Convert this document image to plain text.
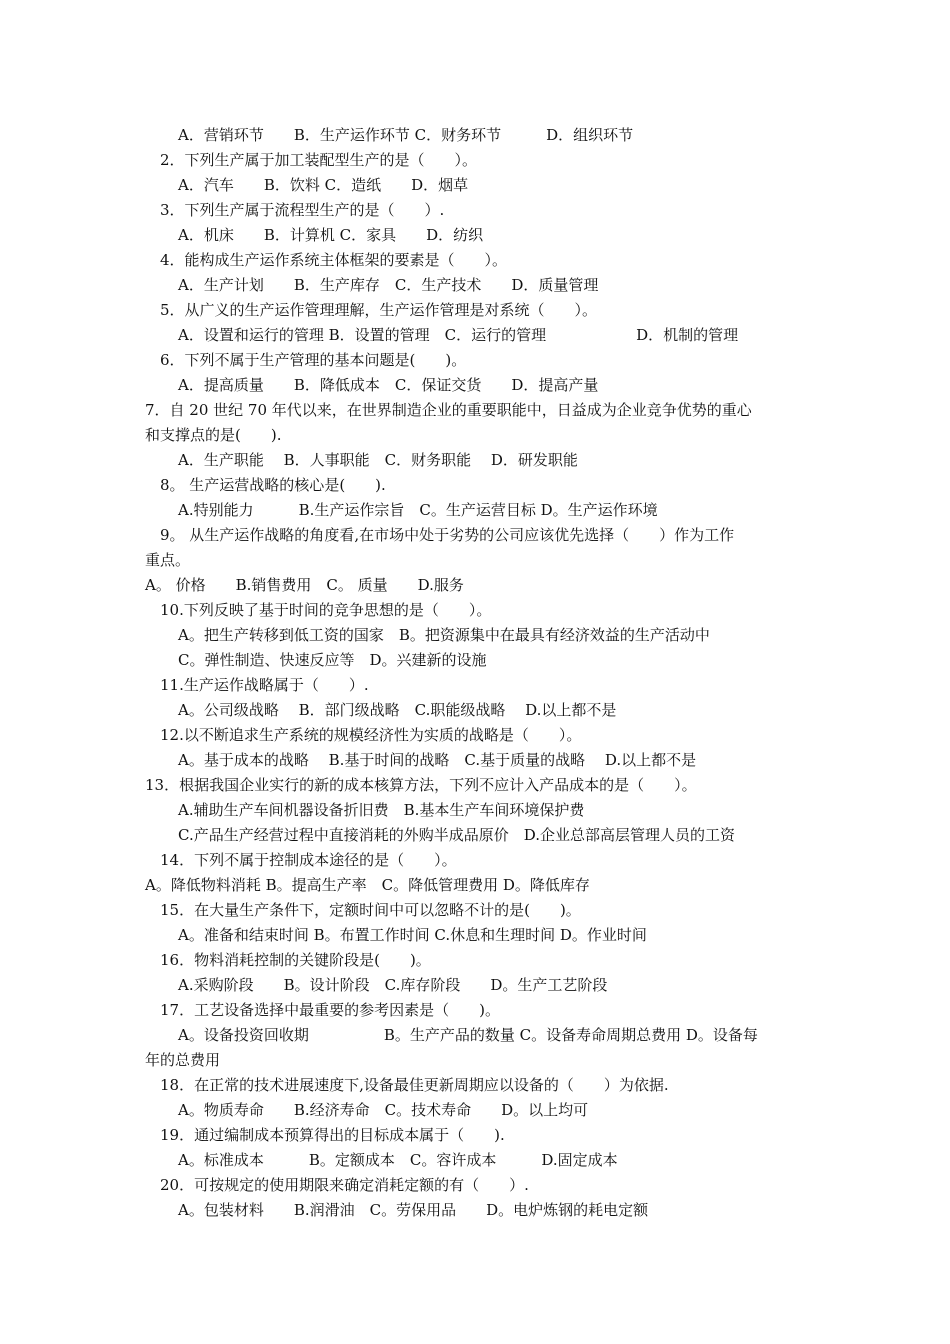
A．营销环节　　B．生产运作环节 C．财务环节　　　D．组织环节
2．下列生产属于加工装配型生产的是（　　）。
A．汽车　　B．饮料 C．造纸　　D．烟草
3．下列生产属于流程型生产的是（　　）.
A．机床　　B．计算机 C．家具　　D．纺织
4．能构成生产运作系统主体框架的要素是（　　）。
A．生产计划　　B．生产库存　C．生产技术　　D．质量管理
5．从广义的生产运作管理理解，生产运作管理是对系统（　　）。
A．设置和运行的管理 B．设置的管理　C．运行的管理　　　　　　D．机制的管理
6．下列不属于生产管理的基本问题是(　　)。
A．提高质量　　B．降低成本　C．保证交货　　D．提高产量
7．自 20 世纪 70 年代以来，在世界制造企业的重要职能中，日益成为企业竞争优势的重心
和支撑点的是(　　).
A．生产职能　 B．人事职能　C．财务职能　 D．研发职能
8。 生产运营战略的核心是(　　).
A.特别能力　　　B.生产运作宗旨　C。生产运营目标 D。生产运作环境
9。 从生产运作战略的角度看,在市场中处于劣势的公司应该优先选择（　　）作为工作
重点。
A。 价格　　B.销售费用　C。 质量　　D.服务
10.下列反映了基于时间的竞争思想的是（　　）。
A。把生产转移到低工资的国家　B。把资源集中在最具有经济效益的生产活动中
C。弹性制造、快速反应等　D。兴建新的设施
11.生产运作战略属于（　　）.
A。公司级战略　 B．部门级战略　C.职能级战略　 D.以上都不是
12.以不断追求生产系统的规模经济性为实质的战略是（　　）。
A。基于成本的战略　 B.基于时间的战略　C.基于质量的战略　 D.以上都不是
13．根据我国企业实行的新的成本核算方法，下列不应计入产品成本的是（　　）。
A.辅助生产车间机器设备折旧费　B.基本生产车间环境保护费
C.产品生产经营过程中直接消耗的外购半成品原价　D.企业总部高层管理人员的工资
14．下列不属于控制成本途径的是（　　）。
A。降低物料消耗 B。提高生产率　C。降低管理费用 D。降低库存
15．在大量生产条件下，定额时间中可以忽略不计的是(　　)。
A。准备和结束时间 B。布置工作时间 C.休息和生理时间 D。作业时间
16．物料消耗控制的关键阶段是(　　)。
A.采购阶段　　B。设计阶段　C.库存阶段　　D。生产工艺阶段
17．工艺设备选择中最重要的参考因素是（　　)。
A。设备投资回收期　　　　　B。生产产品的数量 C。设备寿命周期总费用 D。设备每
年的总费用
18．在正常的技术进展速度下,设备最佳更新周期应以设备的（　　）为依据.
A。物质寿命　　B.经济寿命　C。技术寿命　　D。以上均可
19．通过编制成本预算得出的目标成本属于（　　).
A。标准成本　　　B。定额成本　C。容许成本　　　D.固定成本
20．可按规定的使用期限来确定消耗定额的有（　　）.
A。包装材料　　B.润滑油　C。劳保用品　　D。电炉炼钢的耗电定额
